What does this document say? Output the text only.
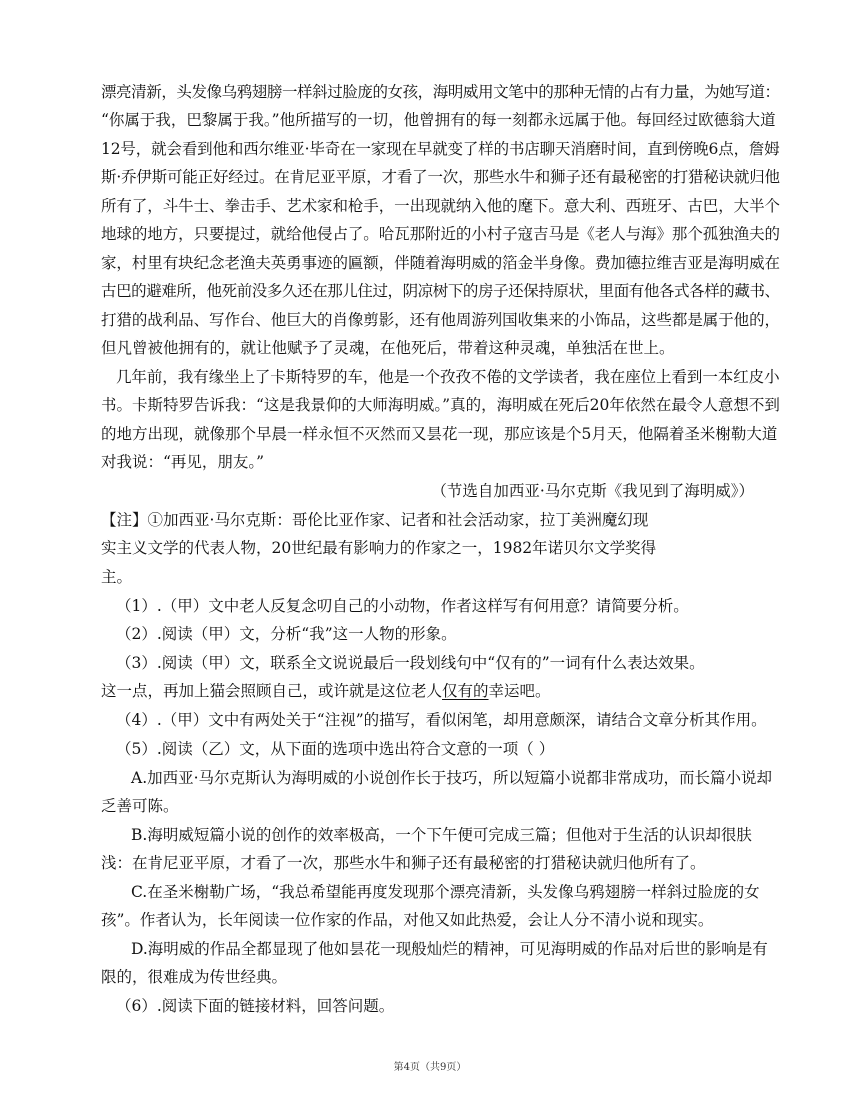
漂亮清新，头发像乌鸦翅膀一样斜过脸庞的女孩，海明威用文笔中的那种无情的占有力量，为她写道：
“你属于我，巴黎属于我。”他所描写的一切，他曾拥有的每一刻都永远属于他。每回经过欧德翁大道
12号，就会看到他和西尔维亚·毕奇在一家现在早就变了样的书店聊天消磨时间，直到傍晚6点，詹姆
斯·乔伊斯可能正好经过。在肯尼亚平原，才看了一次，那些水牛和狮子还有最秘密的打猎秘诀就归他
所有了，斗牛士、拳击手、艺术家和枪手，一出现就纳入他的麾下。意大利、西班牙、古巴，大半个
地球的地方，只要提过，就给他侵占了。哈瓦那附近的小村子寇吉马是《老人与海》那个孤独渔夫的
家，村里有块纪念老渔夫英勇事迹的匾额，伴随着海明威的箔金半身像。费加德拉维吉亚是海明威在
古巴的避难所，他死前没多久还在那儿住过，阴凉树下的房子还保持原状，里面有他各式各样的藏书、
打猎的战利品、写作台、他巨大的肖像剪影，还有他周游列国收集来的小饰品，这些都是属于他的，
但凡曾被他拥有的，就让他赋予了灵魂，在他死后，带着这种灵魂，单独活在世上。
几年前，我有缘坐上了卡斯特罗的车，他是一个孜孜不倦的文学读者，我在座位上看到一本红皮小
书。卡斯特罗告诉我：“这是我景仰的大师海明威。”真的，海明威在死后20年依然在最令人意想不到
的地方出现，就像那个早晨一样永恒不灭然而又昙花一现，那应该是个5月天，他隔着圣米榭勒大道
对我说：“再见，朋友。”
（节选自加西亚·马尔克斯《我见到了海明威》）
【注】①加西亚·马尔克斯：哥伦比亚作家、记者和社会活动家，拉丁美洲魔幻现
实主义文学的代表人物，20世纪最有影响力的作家之一，1982年诺贝尔文学奖得
主。
（1）.（甲）文中老人反复念叨自己的小动物，作者这样写有何用意？请简要分析。
（2）.阅读（甲）文，分析“我”这一人物的形象。
（3）.阅读（甲）文，联系全文说说最后一段划线句中“仅有的”一词有什么表达效果。
这一点，再加上猫会照顾自己，或许就是这位老人仅有的幸运吧。
（4）.（甲）文中有两处关于“注视”的描写，看似闲笔，却用意颇深，请结合文章分析其作用。
（5）.阅读（乙）文，从下面的选项中选出符合文意的一项（ ）
A.加西亚·马尔克斯认为海明威的小说创作长于技巧，所以短篇小说都非常成功，而长篇小说却
乏善可陈。
B.海明威短篇小说的创作的效率极高，一个下午便可完成三篇；但他对于生活的认识却很肤
浅：在肯尼亚平原，才看了一次，那些水牛和狮子还有最秘密的打猎秘诀就归他所有了。
C.在圣米榭勒广场，“我总希望能再度发现那个漂亮清新，头发像乌鸦翅膀一样斜过脸庞的女
孩”。作者认为，长年阅读一位作家的作品，对他又如此热爱，会让人分不清小说和现实。
D.海明威的作品全都显现了他如昙花一现般灿烂的精神，可见海明威的作品对后世的影响是有
限的，很难成为传世经典。
（6）.阅读下面的链接材料，回答问题。
第4页（共9页）
